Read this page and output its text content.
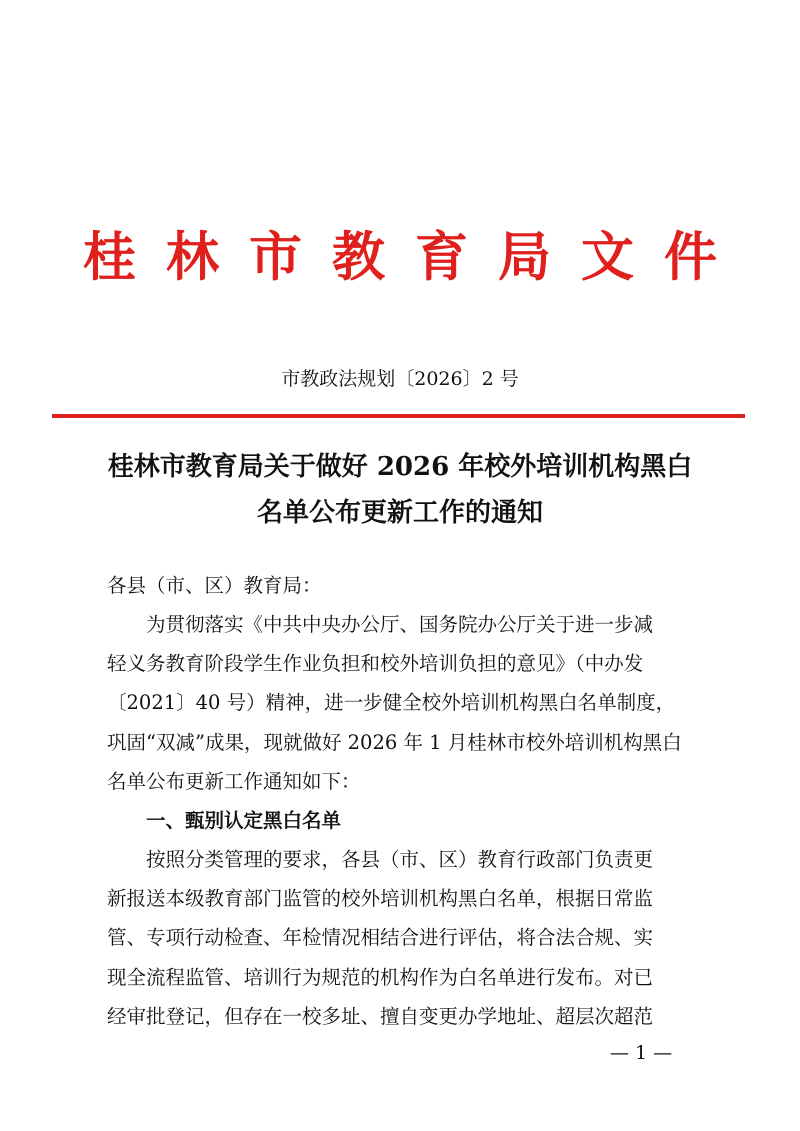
桂林市教育局文件
市教政法规划〔2026〕2 号
桂林市教育局关于做好 2026 年校外培训机构黑白
名单公布更新工作的通知
各县（市、区）教育局：
为贯彻落实《中共中央办公厅、国务院办公厅关于进一步减
轻义务教育阶段学生作业负担和校外培训负担的意见》（中办发
〔2021〕40 号）精神，进一步健全校外培训机构黑白名单制度，
巩固“双减”成果，现就做好 2026 年 1 月桂林市校外培训机构黑白
名单公布更新工作通知如下：
一、甄别认定黑白名单
按照分类管理的要求，各县（市、区）教育行政部门负责更
新报送本级教育部门监管的校外培训机构黑白名单，根据日常监
管、专项行动检查、年检情况相结合进行评估，将合法合规、实
现全流程监管、培训行为规范的机构作为白名单进行发布。对已
经审批登记，但存在一校多址、擅自变更办学地址、超层次超范
— 1 —
